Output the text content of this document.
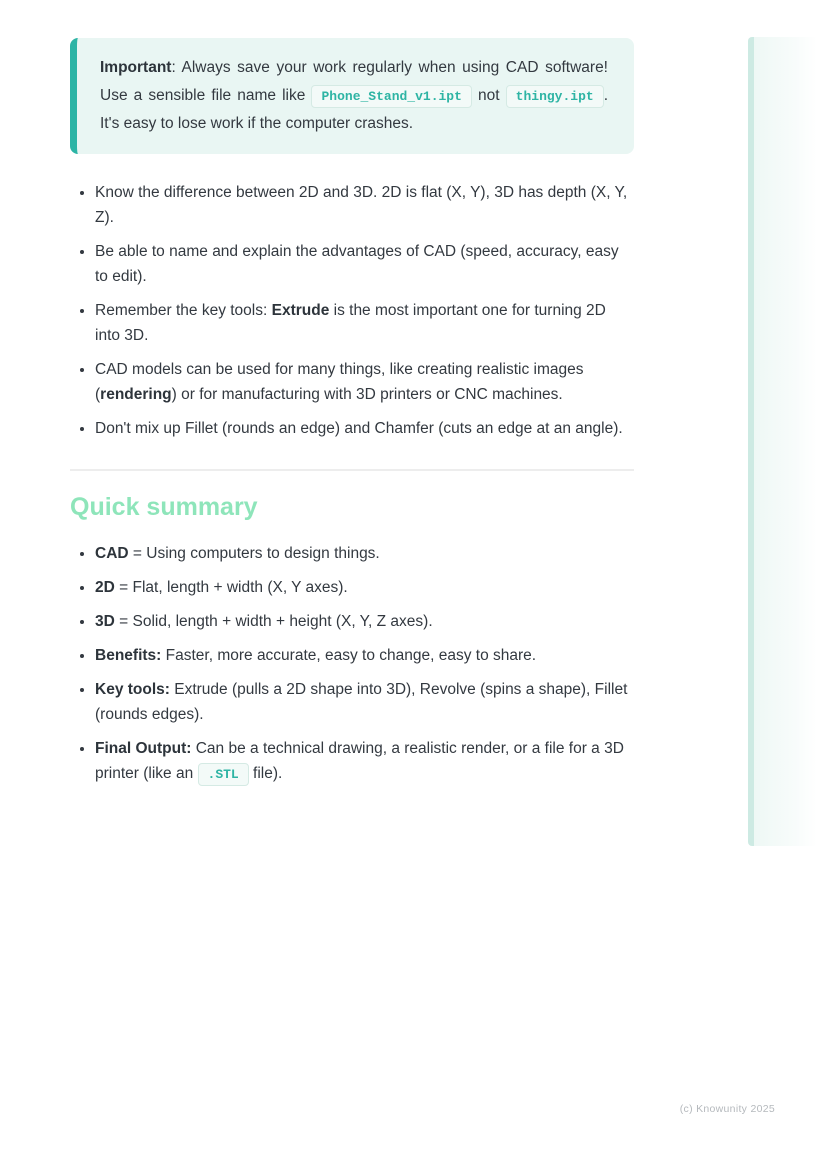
Important: Always save your work regularly when using CAD software! Use a sensible file name like Phone_Stand_v1.ipt not thingy.ipt . It's easy to lose work if the computer crashes.

• Know the difference between 2D and 3D. 2D is flat (X, Y), 3D has depth (X, Y, Z).
• Be able to name and explain the advantages of CAD (speed, accuracy, easy to edit).
• Remember the key tools: Extrude is the most important one for turning 2D into 3D.
• CAD models can be used for many things, like creating realistic images (rendering) or for manufacturing with 3D printers or CNC machines.
• Don't mix up Fillet (rounds an edge) and Chamfer (cuts an edge at an angle).
Quick summary
• CAD = Using computers to design things.
• 2D = Flat, length + width (X, Y axes).
• 3D = Solid, length + width + height (X, Y, Z axes).
• Benefits: Faster, more accurate, easy to change, easy to share.
• Key tools: Extrude (pulls a 2D shape into 3D), Revolve (spins a shape), Fillet (rounds edges).
• Final Output: Can be a technical drawing, a realistic render, or a file for a 3D printer (like an .STL file).
(c) Knowunity 2025
